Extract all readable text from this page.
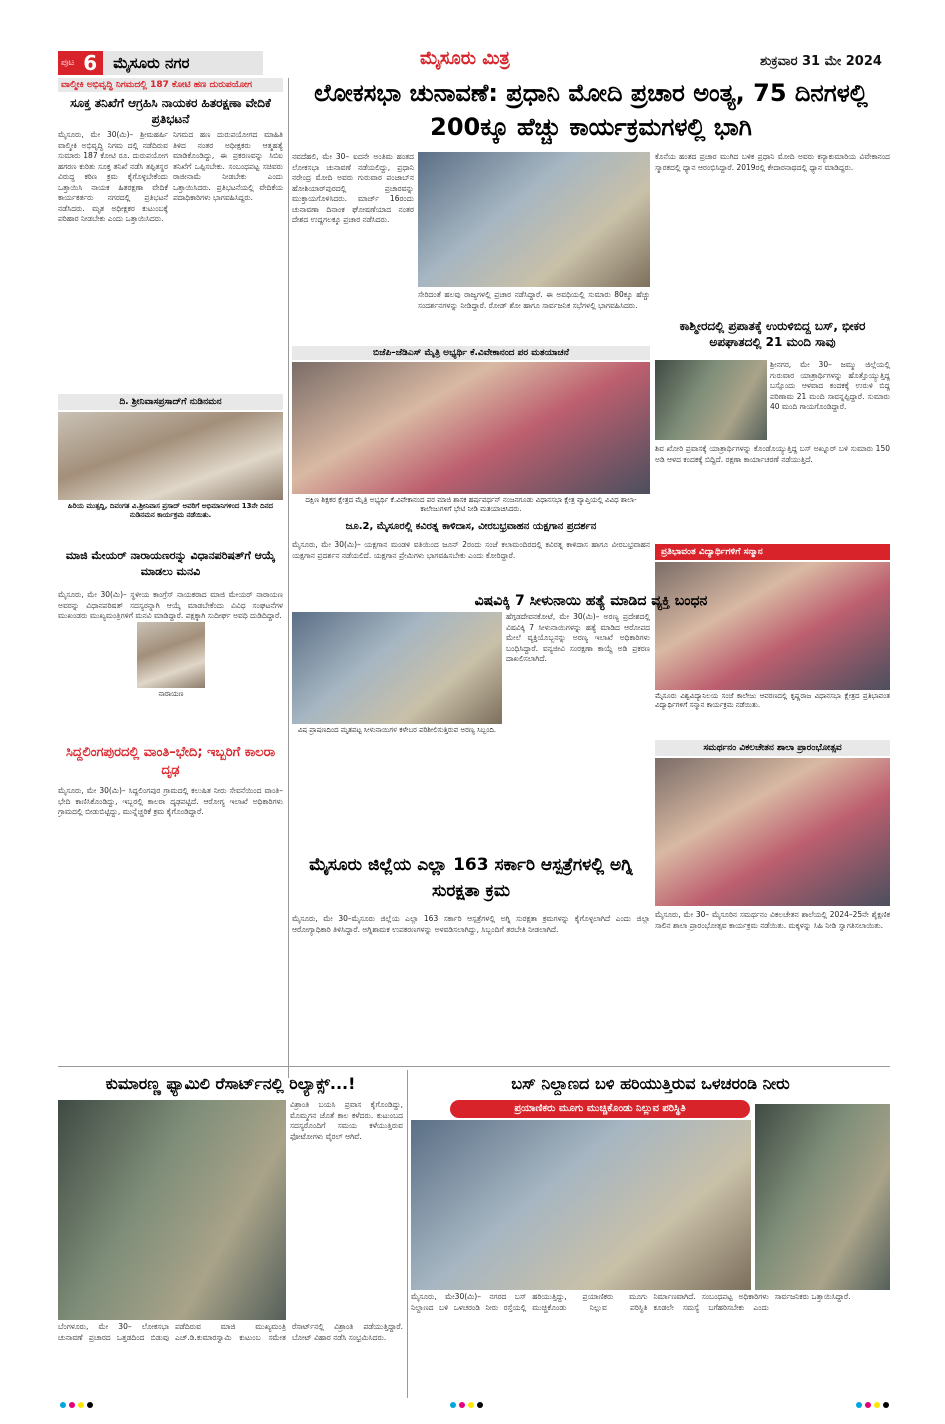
ಪುಟ 6	ಮೈಸೂರು ನಗರ	ಮೈಸೂರು ಮಿತ್ರ	ಶುಕ್ರವಾರ 31 ಮೇ 2024
ವಾಲ್ಮೀಕಿ ಅಭಿವೃದ್ಧಿ ನಿಗಮದಲ್ಲಿ 187 ಕೋಟಿ ಹಣ ದುರುಪಯೋಗ
ಸೂಕ್ತ ತನಿಖೆಗೆ ಆಗ್ರಹಿಸಿ ನಾಯಕರ ಹಿತರಕ್ಷಣಾ ವೇದಿಕೆ ಪ್ರತಿಭಟನೆ
ಮೈಸೂರು, ಮೇ 30(ಮಿ)– ಶ್ರೀಮಹರ್ಷಿ ವಾಲ್ಮೀಕಿ ಅಭಿವೃದ್ಧಿ ನಿಗಮ ದಲ್ಲಿ ನಡೆದಿರುವ ಸುಮಾರು 187 ಕೋಟಿ ರೂ. ದುರುಪಯೋಗ ಹಗರಣ ಕುರಿತು ಸೂಕ್ತ ತನಿಖೆ ನಡೆಸಿ ತಪ್ಪಿತಸ್ಥರ ವಿರುದ್ಧ ಕಠಿಣ ಕ್ರಮ ಕೈಗೊಳ್ಳಬೇಕೆಂದು ಒತ್ತಾಯಿಸಿ ನಾಯಕ ಹಿತರಕ್ಷಣಾ ವೇದಿಕೆ ಕಾರ್ಯಕರ್ತರು ನಗರದಲ್ಲಿ ಪ್ರತಿಭಟನೆ ನಡೆಸಿದರು. ಮೃತ ಅಧೀಕ್ಷಕರ ಕುಟುಂಬಕ್ಕೆ ಪರಿಹಾರ ನೀಡಬೇಕು ಎಂದು ಒತ್ತಾಯಿಸಿದರು.
ನಿಗಮದ ಹಣ ದುರುಪಯೋಗದ ಮಾಹಿತಿ ತಿಳಿದ ನಂತರ ಅಧೀಕ್ಷಕರು ಆತ್ಮಹತ್ಯೆ ಮಾಡಿಕೊಂಡಿದ್ದು, ಈ ಪ್ರಕರಣವನ್ನು ಸಿಬಿಐ ತನಿಖೆಗೆ ಒಪ್ಪಿಸಬೇಕು. ಸಂಬಂಧಪಟ್ಟ ಸಚಿವರು ರಾಜೀನಾಮೆ ನೀಡಬೇಕು ಎಂದು ಒತ್ತಾಯಿಸಿದರು. ಪ್ರತಿಭಟನೆಯಲ್ಲಿ ವೇದಿಕೆಯ ಪದಾಧಿಕಾರಿಗಳು ಭಾಗವಹಿಸಿದ್ದರು.
ದಿ. ಶ್ರೀನಿವಾಸಪ್ರಸಾದ್‌ಗೆ ನುಡಿನಮನ
ಹಿರಿಯ ಮುತ್ಸದ್ದಿ, ದಿವಂಗತ ವಿ.ಶ್ರೀನಿವಾಸ ಪ್ರಸಾದ್ ಅವರಿಗೆ ಅಭಿಮಾನಿಗಳಿಂದ 13ನೇ ದಿನದ ನುಡಿನಮನ ಕಾರ್ಯಕ್ರಮ ನಡೆಯಿತು.
ಲೋಕಸಭಾ ಚುನಾವಣೆ: ಪ್ರಧಾನಿ ಮೋದಿ ಪ್ರಚಾರ ಅಂತ್ಯ, 75 ದಿನಗಳಲ್ಲಿ 200ಕ್ಕೂ ಹೆಚ್ಚು ಕಾರ್ಯಕ್ರಮಗಳಲ್ಲಿ ಭಾಗಿ
ನವದೆಹಲಿ, ಮೇ 30– ಐದನೇ ಅಂತಿಮ ಹಂತದ ಲೋಕಸಭಾ ಚುನಾವಣೆ ನಡೆಯಲಿದ್ದು, ಪ್ರಧಾನಿ ನರೇಂದ್ರ ಮೋದಿ ಅವರು ಗುರುವಾರ ಪಂಜಾಬ್‌ನ ಹೋಶಿಯಾರ್‌ಪುರದಲ್ಲಿ ಪ್ರಚಾರವನ್ನು ಮುಕ್ತಾಯಗೊಳಿಸಿದರು. ಮಾರ್ಚ್ 16ರಂದು ಚುನಾವಣಾ ದಿನಾಂಕ ಘೋಷಣೆಯಾದ ನಂತರ ದೇಶದ ಉದ್ದಗಲಕ್ಕೂ ಪ್ರಚಾರ ನಡೆಸಿದರು.
ಸೇರಿದಂತೆ ಹಲವು ರಾಜ್ಯಗಳಲ್ಲಿ ಪ್ರಚಾರ ನಡೆಸಿದ್ದಾರೆ. ಈ ಅವಧಿಯಲ್ಲಿ ಸುಮಾರು 80ಕ್ಕೂ ಹೆಚ್ಚು ಸಂದರ್ಶನಗಳನ್ನು ನೀಡಿದ್ದಾರೆ. ರೋಡ್ ಶೋ ಹಾಗೂ ಸಾರ್ವಜನಿಕ ಸಭೆಗಳಲ್ಲಿ ಭಾಗವಹಿಸಿದರು.
ಕೊನೆಯ ಹಂತದ ಪ್ರಚಾರ ಮುಗಿದ ಬಳಿಕ ಪ್ರಧಾನಿ ಮೋದಿ ಅವರು ಕನ್ಯಾಕುಮಾರಿಯ ವಿವೇಕಾನಂದ ಸ್ಮಾರಕದಲ್ಲಿ ಧ್ಯಾನ ಆರಂಭಿಸಿದ್ದಾರೆ. 2019ರಲ್ಲಿ ಕೇದಾರನಾಥದಲ್ಲಿ ಧ್ಯಾನ ಮಾಡಿದ್ದರು.
ಬಿಜೆಪಿ–ಜೆಡಿಎಸ್ ಮೈತ್ರಿ ಅಭ್ಯರ್ಥಿ ಕೆ.ವಿವೇಕಾನಂದ ಪರ ಮತಯಾಚನೆ
ದಕ್ಷಿಣ ಶಿಕ್ಷಕರ ಕ್ಷೇತ್ರದ ಮೈತ್ರಿ ಅಭ್ಯರ್ಥಿ ಕೆ.ವಿವೇಕಾನಂದ ಪರ ಮಾಜಿ ಶಾಸಕ ಹರ್ಷವರ್ಧನ್ ನಂಜನಗೂಡು ವಿಧಾನಸಭಾ ಕ್ಷೇತ್ರ ವ್ಯಾಪ್ತಿಯಲ್ಲಿ ವಿವಿಧ ಶಾಲಾ-ಕಾಲೇಜುಗಳಿಗೆ ಭೇಟಿ ನೀಡಿ ಮತಯಾಚಿಸಿದರು.
ಕಾಶ್ಮೀರದಲ್ಲಿ ಪ್ರಪಾತಕ್ಕೆ ಉರುಳಿಬಿದ್ದ ಬಸ್, ಭೀಕರ ಅಪಘಾತದಲ್ಲಿ 21 ಮಂದಿ ಸಾವು
ಶ್ರೀನಗರ, ಮೇ 30– ಜಮ್ಮು ಜಿಲ್ಲೆಯಲ್ಲಿ ಗುರುವಾರ ಯಾತ್ರಾರ್ಥಿಗಳನ್ನು ಹೊತ್ತೊಯ್ಯುತ್ತಿದ್ದ ಬಸ್ಸೊಂದು ಆಳವಾದ ಕಂದಕಕ್ಕೆ ಉರುಳಿ ಬಿದ್ದ ಪರಿಣಾಮ 21 ಮಂದಿ ಸಾವನ್ನಪ್ಪಿದ್ದಾರೆ. ಸುಮಾರು 40 ಮಂದಿ ಗಾಯಗೊಂಡಿದ್ದಾರೆ.
ಶಿವ ಖೋರಿ ಪ್ರವಾಸಕ್ಕೆ ಯಾತ್ರಾರ್ಥಿಗಳನ್ನು ಕೊಂಡೊಯ್ಯುತ್ತಿದ್ದ ಬಸ್ ಅಖ್ನೂರ್ ಬಳಿ ಸುಮಾರು 150 ಅಡಿ ಆಳದ ಕಂದಕಕ್ಕೆ ಬಿದ್ದಿದೆ. ರಕ್ಷಣಾ ಕಾರ್ಯಾಚರಣೆ ನಡೆಯುತ್ತಿದೆ.
ಜೂ.2, ಮೈಸೂರಲ್ಲಿ ಕವಿರತ್ನ ಕಾಳಿದಾಸ, ವೀರಬಭ್ರವಾಹನ ಯಕ್ಷಗಾನ ಪ್ರದರ್ಶನ
ಮೈಸೂರು, ಮೇ 30(ಮಿ)– ಯಕ್ಷಗಾನ ಮಂಡಳಿ ವತಿಯಿಂದ ಜೂನ್ 2ರಂದು ಸಂಜೆ ಕಲಾಮಂದಿರದಲ್ಲಿ ಕವಿರತ್ನ ಕಾಳಿದಾಸ ಹಾಗೂ ವೀರಬಭ್ರವಾಹನ ಯಕ್ಷಗಾನ ಪ್ರದರ್ಶನ ನಡೆಯಲಿದೆ. ಯಕ್ಷಗಾನ ಪ್ರೇಮಿಗಳು ಭಾಗವಹಿಸಬೇಕು ಎಂದು ಕೋರಿದ್ದಾರೆ.	ಪ್ರತಿಭಾವಂತ ವಿದ್ಯಾರ್ಥಿಗಳಿಗೆ ಸನ್ಮಾನ
ಮೈಸೂರು ವಿಶ್ವವಿದ್ಯಾನಿಲಯ ಸಂಜೆ ಕಾಲೇಜು ಆವರಣದಲ್ಲಿ ಕೃಷ್ಣರಾಜ ವಿಧಾನಸಭಾ ಕ್ಷೇತ್ರದ ಪ್ರತಿಭಾವಂತ ವಿದ್ಯಾರ್ಥಿಗಳಿಗೆ ಸನ್ಮಾನ ಕಾರ್ಯಕ್ರಮ ನಡೆಯಿತು.
ಮಾಜಿ ಮೇಯರ್ ನಾರಾಯಣರನ್ನು ವಿಧಾನಪರಿಷತ್‌ಗೆ ಆಯ್ಕೆ ಮಾಡಲು ಮನವಿ
ಮೈಸೂರು, ಮೇ 30(ಮಿ)– ಸ್ಥಳೀಯ ಕಾಂಗ್ರೆಸ್ ನಾಯಕರಾದ ಮಾಜಿ ಮೇಯರ್ ನಾರಾಯಣ ಅವರನ್ನು ವಿಧಾನಪರಿಷತ್ ಸದಸ್ಯರನ್ನಾಗಿ ಆಯ್ಕೆ ಮಾಡಬೇಕೆಂದು ವಿವಿಧ ಸಂಘಟನೆಗಳ ಮುಖಂಡರು ಮುಖ್ಯಮಂತ್ರಿಗಳಿಗೆ ಮನವಿ ಮಾಡಿದ್ದಾರೆ. ಪಕ್ಷಕ್ಕಾಗಿ ಸುದೀರ್ಘ ಅವಧಿ ದುಡಿದಿದ್ದಾರೆ.
ನಾರಾಯಣ
ವಿಷವಿಕ್ಕಿ 7 ಸೀಳುನಾಯಿ ಹತ್ಯೆ ಮಾಡಿದ ವ್ಯಕ್ತಿ ಬಂಧನ
ವಿಷ ಪ್ರಾಷಣದಿಂದ ಮೃತಪಟ್ಟ ಸೀಳುನಾಯಿಗಳ ಕಳೇಬರ ಪರಿಶೀಲಿಸುತ್ತಿರುವ ಅರಣ್ಯ ಸಿಬ್ಬಂದಿ.
ಹೆಗ್ಗಡದೇವನಕೋಟೆ, ಮೇ 30(ಮಿ)– ಅರಣ್ಯ ಪ್ರದೇಶದಲ್ಲಿ ವಿಷವಿಕ್ಕಿ 7 ಸೀಳುನಾಯಿಗಳನ್ನು ಹತ್ಯೆ ಮಾಡಿದ ಆರೋಪದ ಮೇಲೆ ವ್ಯಕ್ತಿಯೊಬ್ಬನನ್ನು ಅರಣ್ಯ ಇಲಾಖೆ ಅಧಿಕಾರಿಗಳು ಬಂಧಿಸಿದ್ದಾರೆ. ವನ್ಯಜೀವಿ ಸಂರಕ್ಷಣಾ ಕಾಯ್ದೆ ಅಡಿ ಪ್ರಕರಣ ದಾಖಲಿಸಲಾಗಿದೆ.
ಸಮರ್ಥನಂ ವಿಕಲಚೇತನ ಶಾಲಾ ಪ್ರಾರಂಭೋತ್ಸವ
ಮೈಸೂರು, ಮೇ 30– ಮೈಸೂರಿನ ಸಮರ್ಥನಂ ವಿಕಲಚೇತನ ಶಾಲೆಯಲ್ಲಿ 2024–25ನೇ ಶೈಕ್ಷಣಿಕ ಸಾಲಿನ ಶಾಲಾ ಪ್ರಾರಂಭೋತ್ಸವ ಕಾರ್ಯಕ್ರಮ ನಡೆಯಿತು. ಮಕ್ಕಳನ್ನು ಸಿಹಿ ನೀಡಿ ಸ್ವಾಗತಿಸಲಾಯಿತು.
ಸಿದ್ದಲಿಂಗಪುರದಲ್ಲಿ ವಾಂತಿ–ಭೇದಿ; ಇಬ್ಬರಿಗೆ ಕಾಲರಾ ದೃಢ
ಮೈಸೂರು, ಮೇ 30(ಮಿ)– ಸಿದ್ದಲಿಂಗಪುರ ಗ್ರಾಮದಲ್ಲಿ ಕಲುಷಿತ ನೀರು ಸೇವನೆಯಿಂದ ವಾಂತಿ–ಭೇದಿ ಕಾಣಿಸಿಕೊಂಡಿದ್ದು, ಇಬ್ಬರಲ್ಲಿ ಕಾಲರಾ ದೃಢಪಟ್ಟಿದೆ. ಆರೋಗ್ಯ ಇಲಾಖೆ ಅಧಿಕಾರಿಗಳು ಗ್ರಾಮದಲ್ಲಿ ಬೀಡುಬಿಟ್ಟಿದ್ದು, ಮುನ್ನೆಚ್ಚರಿಕೆ ಕ್ರಮ ಕೈಗೊಂಡಿದ್ದಾರೆ.
ಮೈಸೂರು ಜಿಲ್ಲೆಯ ಎಲ್ಲಾ 163 ಸರ್ಕಾರಿ ಆಸ್ಪತ್ರೆಗಳಲ್ಲಿ ಅಗ್ನಿ ಸುರಕ್ಷತಾ ಕ್ರಮ
ಮೈಸೂರು, ಮೇ 30–ಮೈಸೂರು ಜಿಲ್ಲೆಯ ಎಲ್ಲಾ 163 ಸರ್ಕಾರಿ ಆಸ್ಪತ್ರೆಗಳಲ್ಲಿ ಅಗ್ನಿ ಸುರಕ್ಷತಾ ಕ್ರಮಗಳನ್ನು ಕೈಗೊಳ್ಳಲಾಗಿದೆ ಎಂದು ಜಿಲ್ಲಾ ಆರೋಗ್ಯಾಧಿಕಾರಿ ತಿಳಿಸಿದ್ದಾರೆ. ಅಗ್ನಿಶಾಮಕ ಉಪಕರಣಗಳನ್ನು ಅಳವಡಿಸಲಾಗಿದ್ದು, ಸಿಬ್ಬಂದಿಗೆ ತರಬೇತಿ ನೀಡಲಾಗಿದೆ.
ಕುಮಾರಣ್ಣ ಫ್ಯಾಮಿಲಿ ರೆಸಾರ್ಟ್‌ನಲ್ಲಿ ರಿಲ್ಯಾಕ್ಸ್...!
ವಿಶ್ರಾಂತಿ ಬಯಸಿ ಪ್ರವಾಸ ಕೈಗೊಂಡಿದ್ದು, ಮೊಮ್ಮಗನ ಜೊತೆ ಕಾಲ ಕಳೆದರು. ಕುಟುಂಬದ ಸದಸ್ಯರೊಂದಿಗೆ ಸಮಯ ಕಳೆಯುತ್ತಿರುವ ಫೋಟೋಗಳು ವೈರಲ್ ಆಗಿವೆ.
ಬೆಂಗಳೂರು, ಮೇ 30– ಲೋಕಸಭಾ ಚುನಾವಣೆ ಪ್ರಚಾರದ ಒತ್ತಡದಿಂದ ಬಿಡುವು ಪಡೆದಿರುವ ಮಾಜಿ ಮುಖ್ಯಮಂತ್ರಿ ಎಚ್.ಡಿ.ಕುಮಾರಸ್ವಾಮಿ ಕುಟುಂಬ ಸಮೇತ ರೆಸಾರ್ಟ್‌ನಲ್ಲಿ ವಿಶ್ರಾಂತಿ ಪಡೆಯುತ್ತಿದ್ದಾರೆ. ಬೋಟ್ ವಿಹಾರ ನಡೆಸಿ ಸಂಭ್ರಮಿಸಿದರು.
ಬಸ್ ನಿಲ್ದಾಣದ ಬಳಿ ಹರಿಯುತ್ತಿರುವ ಒಳಚರಂಡಿ ನೀರು
ಪ್ರಯಾಣಿಕರು ಮೂಗು ಮುಚ್ಚಿಕೊಂಡು ನಿಲ್ಲುವ ಪರಿಸ್ಥಿತಿ
ಮೈಸೂರು, ಮೇ30(ಮಿ)– ನಗರದ ಬಸ್ ನಿಲ್ದಾಣದ ಬಳಿ ಒಳಚರಂಡಿ ನೀರು ರಸ್ತೆಯಲ್ಲಿ ಹರಿಯುತ್ತಿದ್ದು, ಪ್ರಯಾಣಿಕರು ಮೂಗು ಮುಚ್ಚಿಕೊಂಡು ನಿಲ್ಲುವ ಪರಿಸ್ಥಿತಿ ನಿರ್ಮಾಣವಾಗಿದೆ. ಸಂಬಂಧಪಟ್ಟ ಅಧಿಕಾರಿಗಳು ಕೂಡಲೇ ಸಮಸ್ಯೆ ಬಗೆಹರಿಸಬೇಕು ಎಂದು ಸಾರ್ವಜನಿಕರು ಒತ್ತಾಯಿಸಿದ್ದಾರೆ.
